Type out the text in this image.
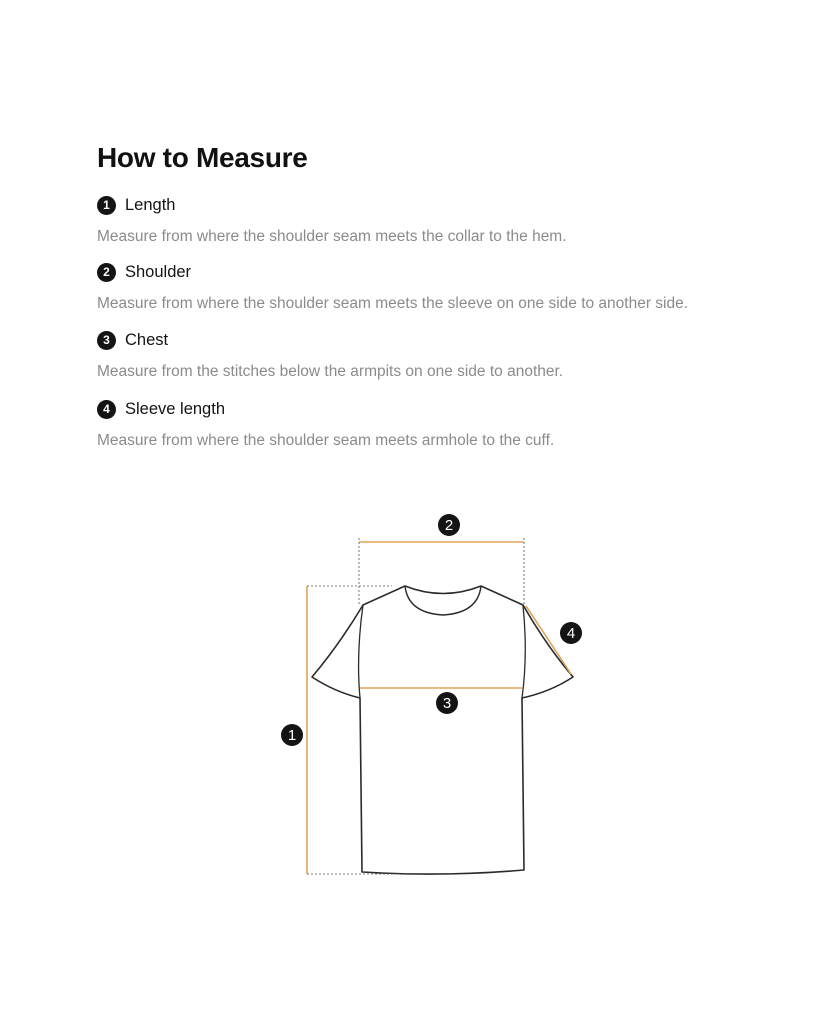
How to Measure
1 Length
Measure from where the shoulder seam meets the collar to the hem.
2 Shoulder
Measure from where the shoulder seam meets the sleeve on one side to another side.
3 Chest
Measure from the stitches below the armpits on one side to another.
4 Sleeve length
Measure from where the shoulder seam meets armhole to the cuff.
1
2
3
4
